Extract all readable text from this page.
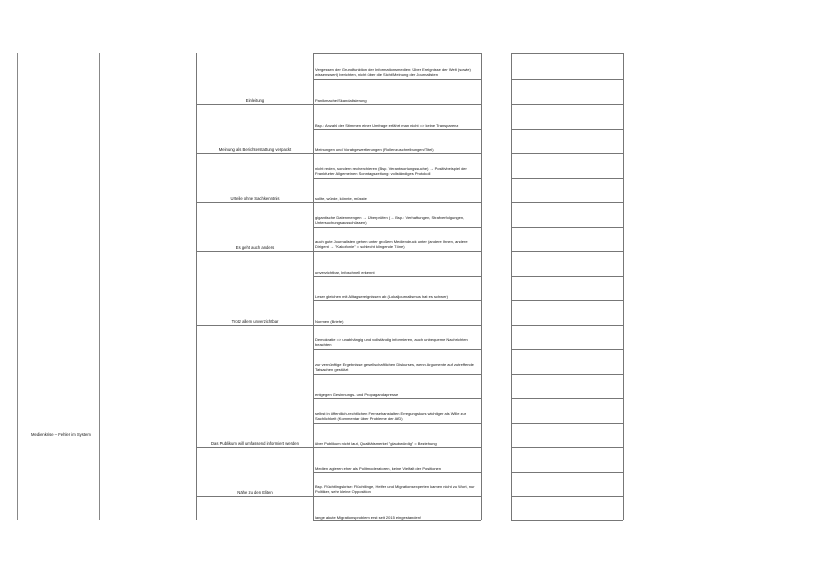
Medienkrise – Fehler im System
Einleitung
Meinung als Berichterstattung verpackt
Urteile ohne Sachkenntnis
Es geht auch anders
Trotz allem unverzichtbar
Das Publikum will umfassend informiert werden
Nähe zu den Eliten
Vergessen der Grundfunktion der Informationsmedien: Über Ereignisse der Welt (sowie) wissenswert) berichten, nicht über die Sicht/Meinung der Journalisten
Panikmache/Skandalisierung
Bsp.: Anzahl der Stimmen einer Umfrage erfährt man nicht => keine Transparenz
Meinungen und Vorabgewertierungen (Rollenzuschreibungen/Titel)
nicht reden, sondern recherchieren (Bsp. Verantwortungssuche) → Positivbeispiel der Frankfurter Allgemeinen Sonntagszeitung: vollständiges Protokoll
sollte, würde, könnte, müsste
gigantische Datenmengen → Überprüfen (→ Bsp.: Verhaftungen, Strafverfolgungen, Untersuchungsausschüssen)
auch gute Journalisten gehen unter großem Mediendruck unter (andere Ihnen, andere Dirigent → "Kakofonie" = schlecht klingende Töne)
unverzichtbar, Infoschnell erkennt
Leser gleichen mit Alltagsereignissen ab (Lokaljournalismus hat es schwer)
Normen (Briefe)
Demokratie => unabhängig und vollständig informieren, auch unbequeme Nachrichten beachten
zur vernünftige Ergebnisse gesellschaftlichen Diskurses, wenn Argumente auf zutreffende Tatsachen gestützt
entgegen Gesinnungs- und Propagandapresse
selbst in öffentlich-rechtlichen Fernsehanstalten Erregungskurs wichtiger als Wille zur Sachlichkeit (Kommentar über Probleme der AfD)
über Publikum nicht laut, Qualitätsmerkel "glaubwürdig" = Beziehung
Medien agieren eher als Politmoderatoren, keine Vielfalt der Positionen
Bsp. Flüchtlingskrise: Flüchtlinge, Helfer und Migrationsexperten kamen nicht zu Wort, nur Politiker, sehr kleine Opposition
lange akute Migrationsproblem erst seit 2015 eingestanden!
